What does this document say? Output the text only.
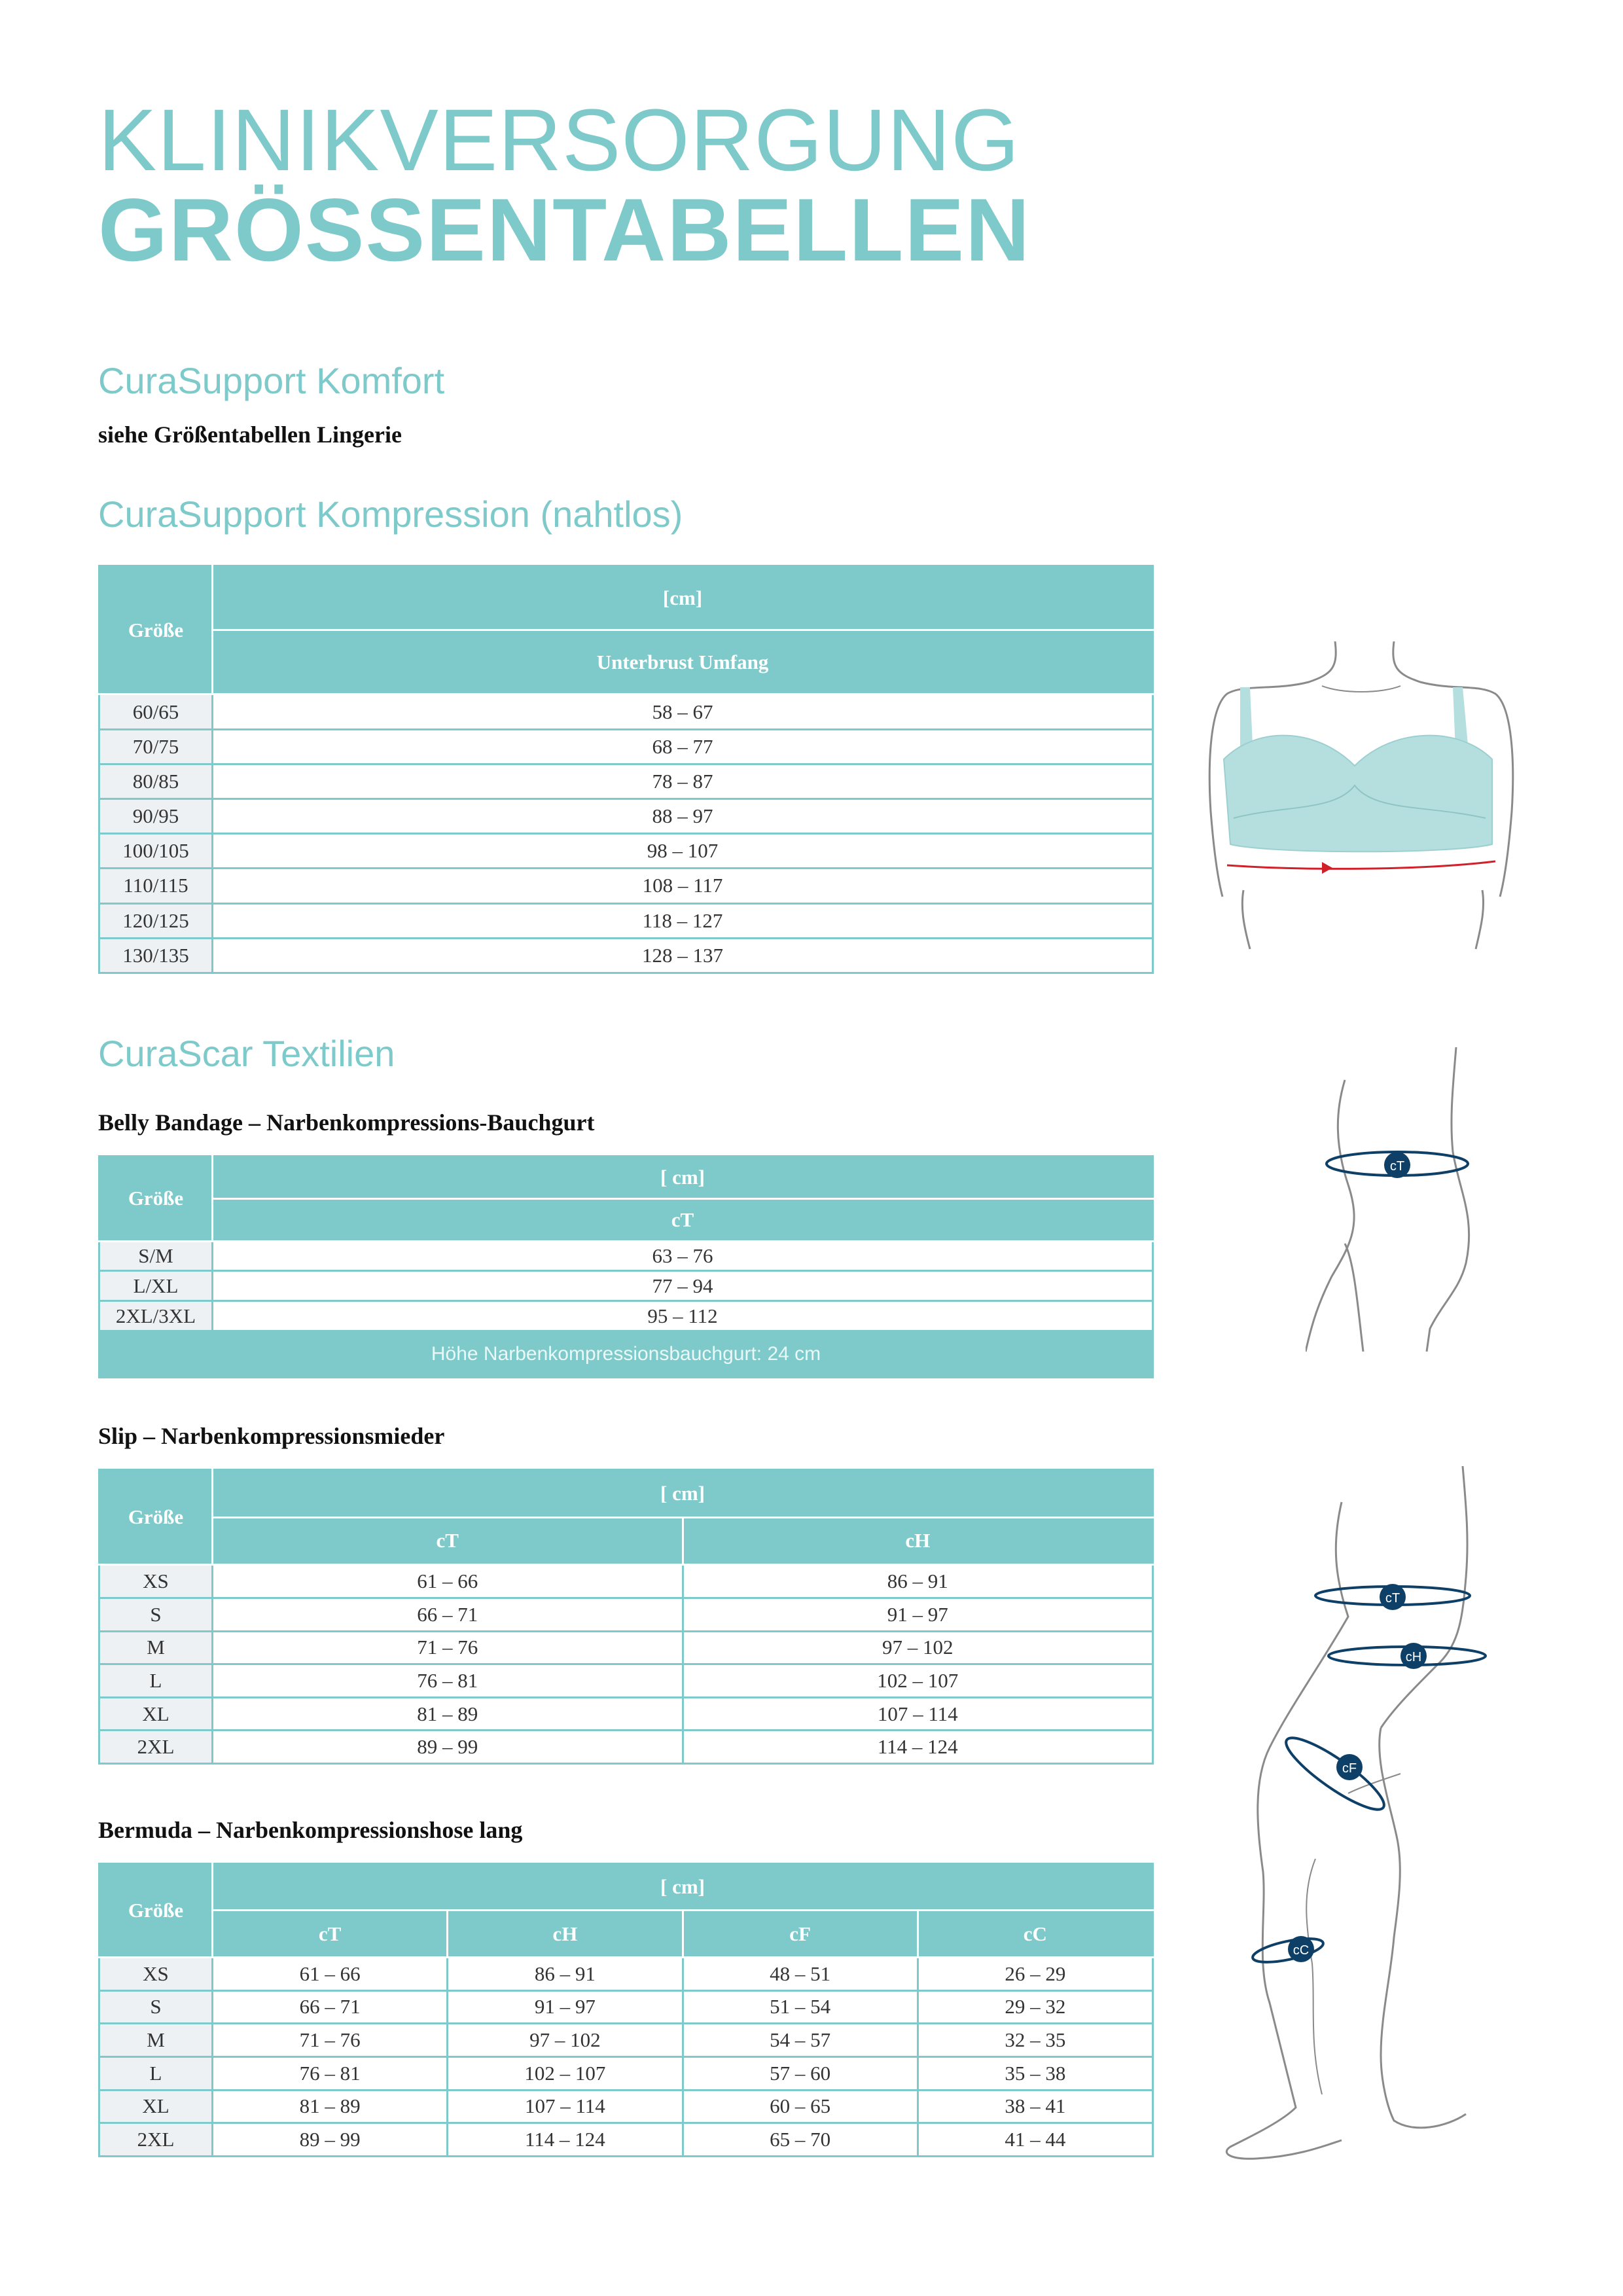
KLINIKVERSORGUNG
GRÖSSENTABELLEN
CuraSupport Komfort
siehe Größentabellen Lingerie
CuraSupport Kompression (nahtlos)
Größe	[cm]
	Unterbrust Umfang
60/65	58 – 67
70/75	68 – 77
80/85	78 – 87
90/95	88 – 97
100/105	98 – 107
110/115	108 – 117
120/125	118 – 127
130/135	128 – 137
CuraScar Textilien
Belly Bandage – Narbenkompressions-Bauchgurt
Größe	[ cm]
	cT
S/M	63 – 76
L/XL	77 – 94
2XL/3XL	95 – 112
Höhe Narbenkompressionsbauchgurt: 24 cm	
cT
Slip – Narbenkompressionsmieder
Größe	[ cm]	
	cT	cH
XS	61 – 66	86 – 91
S	66 – 71	91 – 97
M	71 – 76	97 – 102
L	76 – 81	102 – 107
XL	81 – 89	107 – 114
2XL	89 – 99	114 – 124
Bermuda – Narbenkompressionshose lang
Größe	[ cm]			
	cT	cH	cF	cC
XS	61 – 66	86 – 91	48 – 51	26 – 29
S	66 – 71	91 – 97	51 – 54	29 – 32
M	71 – 76	97 – 102	54 – 57	32 – 35
L	76 – 81	102 – 107	57 – 60	35 – 38
XL	81 – 89	107 – 114	60 – 65	38 – 41
2XL	89 – 99	114 – 124	65 – 70	41 – 44
cT
cH
cF
cC
